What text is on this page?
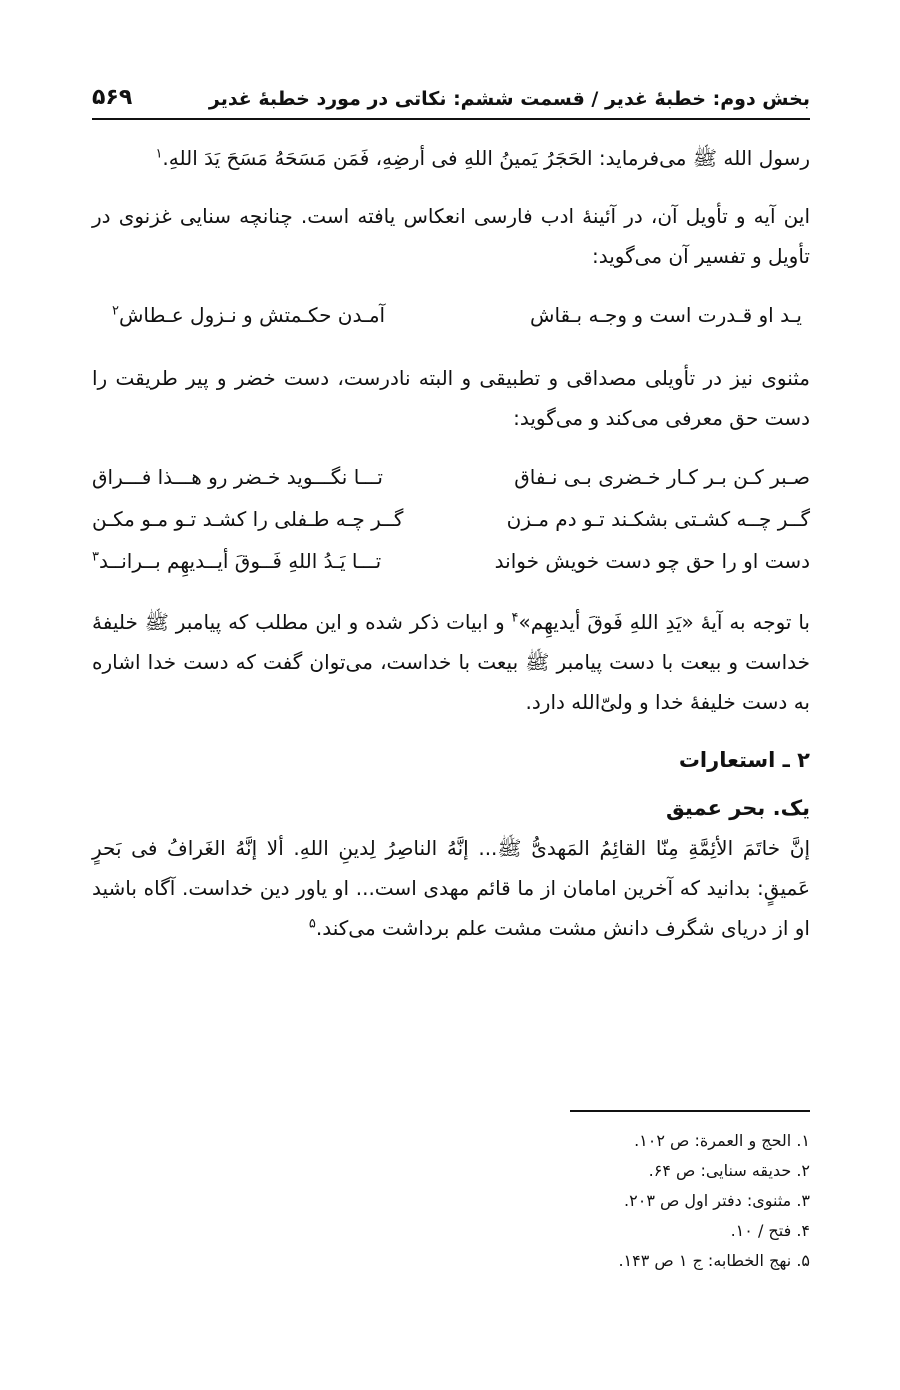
بخش دوم: خطبهٔ غدیر / قسمت ششم: نکاتی در مورد خطبهٔ غدیر
۵۶۹

رسول الله ﷺ می‌فرماید: الحَجَرُ یَمینُ اللهِ فی أرضِهِ، فَمَن مَسَحَهُ مَسَحَ یَدَ اللهِ.$^۱$

این آیه و تأویل آن، در آئینهٔ ادب فارسی انعکاس یافته است. چنانچه سنایی غزنوی در تأویل و تفسیر آن می‌گوید:

یـد او قـدرت است و وجـه بـقاش
آمـدن حکـمتش و نـزول عـطاش$^۲$

مثنوی نیز در تأویلی مصداقی و تطبیقی و البته نادرست، دست خضر و پیر طریقت را دست حق معرفی می‌کند و می‌گوید:

صـبر کـن بـر کـار خـضری بـی نـفاق
تـــا نگـــوید خـضر رو هـــذا فـــراق
گــر چــه کشـتی بشکـند تـو دم مـزن
گــر چـه طـفلی را کشـد تـو مـو مکـن
دست او را حق چو دست خویش خواند
تـــا یَـدُ اللهِ فَــوقَ أیــدیهِم بــرانــد$^۳$

با توجه به آیهٔ «یَدِ اللهِ فَوقَ أیدیهِم»$^۴$ و ابیات ذکر شده و این مطلب که پیامبر ﷺ خلیفهٔ خداست و بیعت با دست پیامبر ﷺ بیعت با خداست، می‌توان گفت که دست خدا اشاره به دست خلیفهٔ خدا و ولیّ‌الله دارد.

۲ ـ استعارات
یک. بحر عمیق

إنَّ خاتَمَ الأئِمَّةِ مِنّا القائِمُ المَهدیُّ ﷺ... إنَّهُ الناصِرُ لِدینِ اللهِ. ألا إنَّهُ الغَرافُ فی بَحرٍ عَمیقٍ: بدانید که آخرین امامان از ما قائم مهدی است... او یاور دین خداست. آگاه باشید او از دریای شگرف دانش مشت مشت علم برداشت می‌کند.$^۵$

۱. الحج و العمرة: ص ۱۰۲.
۲. حدیقه سنایی: ص ۶۴.
۳. مثنوی: دفتر اول ص ۲۰۳.
۴. فتح / ۱۰.
۵. نهج الخطابه: ج ۱ ص ۱۴۳.
